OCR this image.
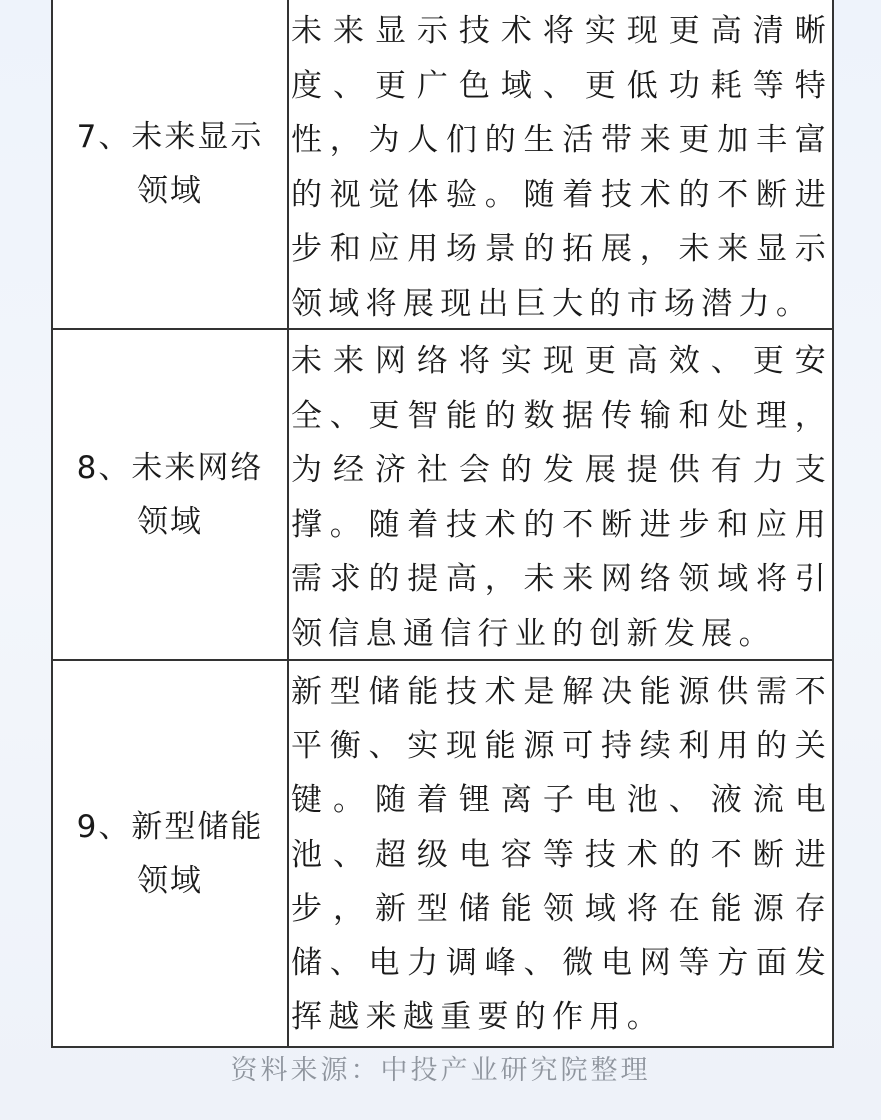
7、未来显示领域

未来显示技术将实现更高清晰度、更广色域、更低功耗等特性，为人们的生活带来更加丰富的视觉体验。随着技术的不断进步和应用场景的拓展，未来显示领域将展现出巨大的市场潜力。

8、未来网络领域

未来网络将实现更高效、更安全、更智能的数据传输和处理，为经济社会的发展提供有力支撑。随着技术的不断进步和应用需求的提高，未来网络领域将引领信息通信行业的创新发展。

9、新型储能领域

新型储能技术是解决能源供需不平衡、实现能源可持续利用的关键。随着锂离子电池、液流电池、超级电容等技术的不断进步，新型储能领域将在能源存储、电力调峰、微电网等方面发挥越来越重要的作用。

资料来源：中投产业研究院整理
